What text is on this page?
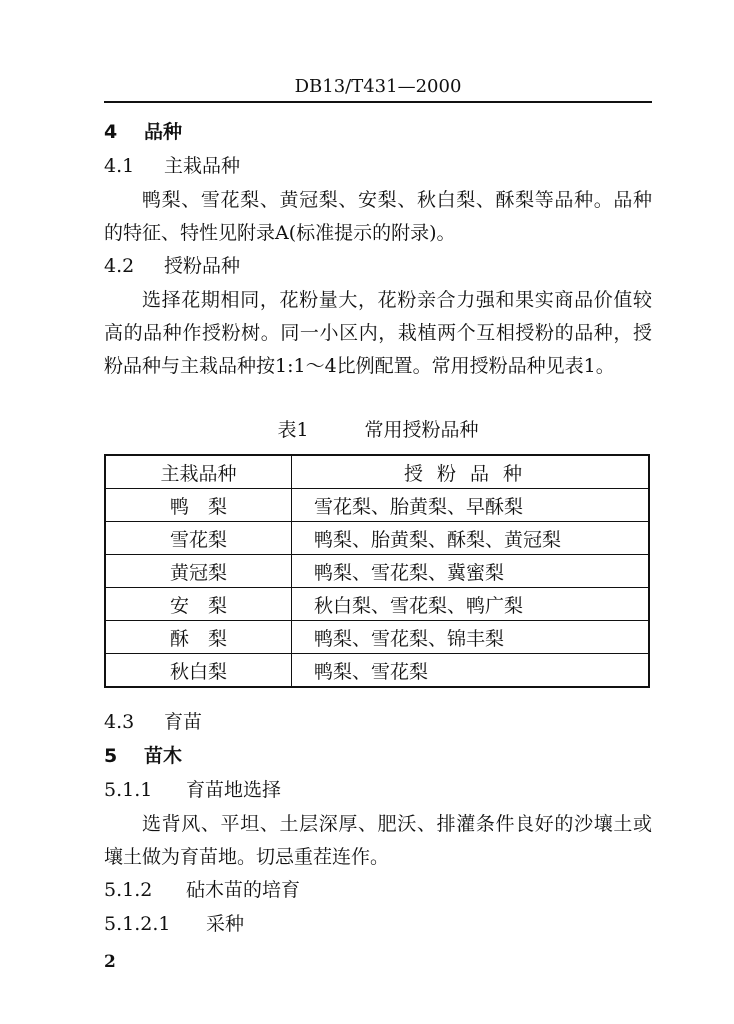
DB13/T431—2000
4 品种
4.1 主栽品种
鸭梨、雪花梨、黄冠梨、安梨、秋白梨、酥梨等品种。品种的特征、特性见附录A(标准提示的附录)。
4.2 授粉品种
选择花期相同，花粉量大，花粉亲合力强和果实商品价值较高的品种作授粉树。同一小区内，栽植两个互相授粉的品种，授粉品种与主栽品种按1:1～4比例配置。常用授粉品种见表1。
表1	常用授粉品种
主栽品种	授粉品种
鸭　梨	雪花梨、胎黄梨、早酥梨
雪花梨	鸭梨、胎黄梨、酥梨、黄冠梨
黄冠梨	鸭梨、雪花梨、冀蜜梨
安　梨	秋白梨、雪花梨、鸭广梨
酥　梨	鸭梨、雪花梨、锦丰梨
秋白梨	鸭梨、雪花梨
4.3 育苗
5 苗木
5.1.1 育苗地选择
选背风、平坦、土层深厚、肥沃、排灌条件良好的沙壤土或壤土做为育苗地。切忌重茬连作。
5.1.2 砧木苗的培育
5.1.2.1 采种
2
